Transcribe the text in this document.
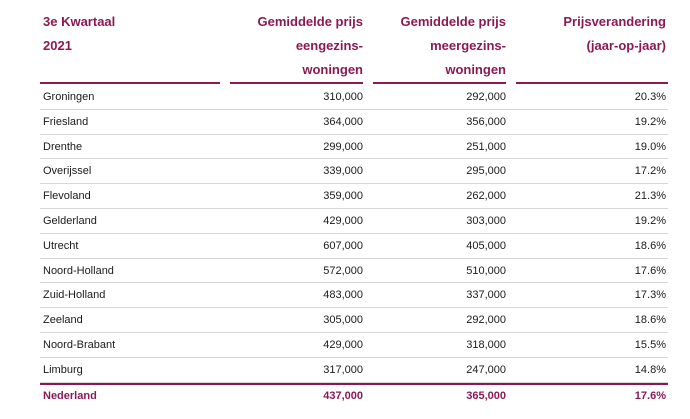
3e Kwartaal
2021
Gemiddelde prijs
eengezins-
woningen
Gemiddelde prijs
meergezins-
woningen
Prijsverandering
(jaar-op-jaar)
Groningen	310,000	292,000	20.3%
Friesland	364,000	356,000	19.2%
Drenthe	299,000	251,000	19.0%
Overijssel	339,000	295,000	17.2%
Flevoland	359,000	262,000	21.3%
Gelderland	429,000	303,000	19.2%
Utrecht	607,000	405,000	18.6%
Noord-Holland	572,000	510,000	17.6%
Zuid-Holland	483,000	337,000	17.3%
Zeeland	305,000	292,000	18.6%
Noord-Brabant	429,000	318,000	15.5%
Limburg	317,000	247,000	14.8%
Nederland	437,000	365,000	17.6%
